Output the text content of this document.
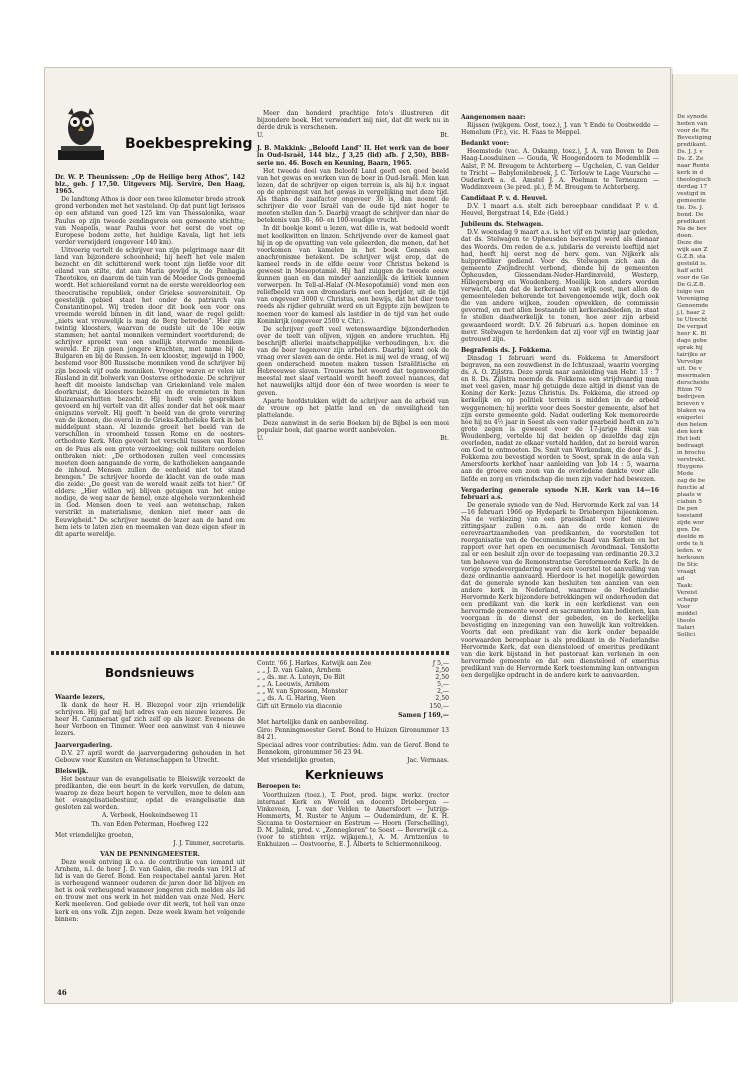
Boekbespreking

Dr. W. P. Theunissen: „Op de Heilige berg Athos", 142 blz., geb. ƒ 17,50. Uitgevers Mij. Servire, Den Haag, 1965.

De landtong Athos is door een twee kilometer brede strook grond verbonden met het vasteland. Op dat punt ligt Ierissos op een afstand van goed 125 km van Thessalonika, waar Paulus op zijn tweede zendingsreis een gemeente stichtte; van Neapolis, waar Paulus voor het eerst de voet op Europese bodem zette, het huidige Kavala, ligt het iets verder verwijderd (ongeveer 140 km).

Uitvoerig vertelt de schrijver van zijn pelgrimage naar dit land van bijzondere schoonheid; hij heeft het vele malen bezocht en dit schitterend werk toont zijn liefde voor dit eiland van stilte, dat aan Maria gewijd is, de Panhagia Theotokos, en daarom de tuin van de Moeder Gods genoemd wordt. Het schiereiland vormt na de eerste wereldoorlog een theocratische republiek, onder Griekse souvereiniteit. Op geestelijk gebied staat het onder de patriarch van Constantinopel. Wij treden door dit boek een voor ons vreemde wereld binnen in dit land, waar de regel geldt: „niets wat vrouwelijk is mag de Berg betreden". Hier zijn twintig kloosters, waarvan de oudste uit de 10e eeuw stammen; het aantal monniken vermindert voortdurend; de schrijver spreekt van een snellijk stervende monniken-wereld. Er zijn geen jongere krachten, met name bij de Bulgaren en bij de Russen. In een klooster, ingewijd in 1900, bestemd voor 800 Russische monniken vond de schrijver bij zijn bezoek vijf oude monniken. Vroeger waren er velen uit Rusland in dit bolwerk van Oosterse orthodoxie. De schrijver heeft dit mooiste landschap van Griekenland vele malen doorkruist, de kloosters bezocht en de eremieten in hun kluizenaarshutten bezocht. Hij heeft vele gesprekken gevoerd en hij vertelt van dit alles zonder dat het ook maar enigszins vervelt. Hij geeft 'n beeld van de grote verering van de ikonen, die overal in de Grieks-Katholieke Kerk in het middelpunt staan. Al lezende groeit het beeld van de verschillen in vroomheid tussen Rome en de oosters-orthodoxe Kerk. Men gevoelt het verschil tussen van Rome en de Paus als een grote verzoeking; ook militere oordelen ontbraken niet: „De orthodoxen zullen veel concessies moeten doen aangaande de vorm, de katholieken aangaande de inhoud. Mensen zullen de eenheid niet tot stand brengen." De schrijver hoorde de klacht van de oude man die zeide: „De geest van de wereld waait zelfs tot hier." Of elders: „Hier willen wij blijven getuigen van het enige nodige, de weg naar de hemel, onze algehele verzonkenheid in God. Mensen doen te veel aan wetenschap, raken verstrikt in materialisme, denken niet meer aan de Eeuwigheid." De schrijver neemt de lezer aan de hand om hem iets te laten zien en meemaken van deze eigen sfeer in dit aparte wereldje.

Meer dan honderd prachtige foto's illustreren dit bijzondere boek. Het verwondert mij niet, dat dit werk nu in derde druk is verschenen.

U.	Bt.

J. B. Makkink: „Beloofd Land" II. Het werk van de boer in Oud-Israël, 144 blz., ƒ 3,25 (lid) afb. ƒ 2,50), BBB-serie no. 46. Bosch en Keuning, Baarn, 1965.

Het tweede deel van Beloofd Land geeft een goed beeld van het gewas en werken van de boer in Oud-Israël. Men kan lezen, dat de schrijver op eigen terrein is, als hij b.v. ingaat op de opbrengst van het gewas in vergelijking met deze tijd. Als thans de zaaifactor ongeveer 30 is, dan noemt de schrijver die voor Israël van de oude tijd niet hoger te moeten stellen dan 5. Daarbij vraagt de schrijver dan naar de betekenis van 30-, 60- en 100-voudige vrucht.

In dit boekje komt u lezen, wat dille is, wat bedoeld wordt met koolkwitten en linzen. Schrijvende over de kameel gaat hij in op de opvatting van vele geleerden, die menen, dat het voorkomen van kamelen in het boek Genesis een anachronisme betekent. De schrijver wijst erop, dat de kameel reeds in de elfde eeuw voor Christus bekend is geweest in Mesopotamië. Hij had zuiggen de tweede eeuw kunnen gaan en dan minder aanzienlijk de kritiek kunnen verwerpen. In Tell-al-Halaf (N-Mesopotamië) vond men een reliefbeeld van een dromedaris met een berijder, uit de tijd van ongeveer 3000 v. Christus, een bewijs, dat het dier toen reeds als rijdier gebruikt werd en uit Egypte zijn bewijzen te noemen voor de kameel als lastdier in de tijd van het oude Koninkrijk (ongeveer 2500 v. Chr.).

De schrijver geeft veel wetenswaardige bijzonderheden over de teelt van olijven, vijgen en andere vruchten. Hij beschrijft allerlei maatschappelijke verhoudingen, b.v. die van de boer tegenover zijn arbeiders. Daarbij komt ook de vraag over slaven aan de orde. Het is mij wel de vraag, of wij geen onderscheid moeten maken tussen Israëlitische en Hebreeuwse slaven. Trouwens het woord dat tegenwoordig meestal met slaaf vertaald wordt heeft zoveel nuances, dat het nauwelijks altijd door één of twee woorden is weer te geven.

Aparte hoofdstukken wijdt de schrijver aan de arbeid van de vrouw op het platte land en de onveiligheid ten plattelande.

Deze aanwinst in de serie Boeken bij de Bijbel is een mooi populair boek, dat gaarne wordt aanbevolen.

U.	Bt.

Aangenomen naar:

Rijssen (wijkgem. Oost, toez.), J. van 't Ende te Oostwedde — Hemelum (Fr.), vic. H. Faas te Meppel.

Bedankt voor:

Heemstede (vac. A. Oskamp, toez.), J. A. van Boven te Den Haag-Loosduinen — Gouda, W. Hoogendoorn te Medemblik — Aalst, P. M. Breugem te Achterberg — Ugchelen, C. van Gelder te Tricht — Babyloniënbroek, J. C. Terlouw te Lage Vuursche — Ouderkerk a. d. Amstel J. A. Poelman te Terneuzen — Waddinxveen (3e pred. pl.), P. M. Breugem te Achterberg.

Candidaat P. v. d. Heuvel.

D.V. 1 maart a.s. stelt zich beroepbaar candidaat P. v. d. Heuvel, Bergstraat 14, Ede (Geld.)

Jubileum ds. Stelwagen.

D.V. woensdag 9 maart a.s. is het vijf en twintig jaar geleden, dat ds. Stelwagen te Opheusden bevestigd werd als dienaar des Woords. Om reden de a.s. jubilaris de vereiste leeftijd niet had, heeft hij eerst nog de herv. gem. van Nijkerk als hulpprediker gediend. Voor ds. Stelwagen zich aan de gemeente Zwijndrecht verbond, diende hij de gemeenten Opheusden, Giessendam-Neder-Hardinxveld, Westerp, Hillegersberg en Woudenberg. Moeilijk kon anders worden verwacht, dan dat de kerkeraad van wijk oost, met allen de gemeenteleden behorende tot bovengenoemde wijk, doch ook die van andere wijken, zouden opwekken, de commissie gevormd, en met allen bestaande uit kerkeraadsleden, in staat te stellen daadwerkelijk te tonen, hoe zeer zijn arbeid gewaardeerd wordt. D.V. 26 februari a.s. hopen dominee en mevr. Stelwagen te herdenken dat zij voor vijf en twintig jaar getrouwd zijn.

Begrafenis ds. J. Fokkema.

Dinsdag 1 februari werd ds. Fokkema te Amersfoort begraven, na een zouwdienst in de Ichtuszaal, waarin voorging ds. A. O. Zijlstra. Deze sprak naar aanleiding van Hebr. 13 : 7 en 8. Ds. Zijlstra noemde ds. Fokkema een strijdvaardig man met veel gaven, maar hij getuigde deze altijd in dienst van de Koning der Kerk: Jezus Christus. Ds. Fokkema, die streed op kerkelijk en op politiek terrein is midden in de arbeid weggenomen; hij werkte voor dees Soester gemeente, alsof het zijn eerste gemeente gold. Nadat ouderling Kok memoreerde hoe hij nu 4½ jaar in Soest als een vader gearbeid heeft en zo'n grote zegen is geweest voor de 17-jarige Henk van Woudenberg, vertelde hij dat beiden op dezelfde dag zijn overleden, nadat ze elkaar verteld hadden, dat ze bereid waren om God te ontmoeten. Ds. Smit van Werkendam, die door ds. J. Fokkema zou bevestigd worden te Soest, sprak in de aula van Amersfoorts kerkhof naar aanleiding van Job 14 : 5, waarna aan de groeve een zoon van de overledene dankte voor alle liefde en zorg en vriendschap die men zijn vader had bewezen.

Vergadering generale synode N.H. Kerk van 14—16 februari a.s.

De generale synode van de Ned. Hervormde Kerk zal van 14—16 februari 1966 op Hydepark te Driebergen bijeenkomen. Na de verkiezing van een praesidiaat voor het nieuwe zittingsjaar zullen o.m. aan de orde komen de eerevraartzaamheden van predikanten, de voorstellen tot reorganisatie van de Oecumenische Raad van Kerken en het rapport over het open en oecumenisch Avondmaal. Tenslotte zal er een besluit zijn over de toepassing van ordinantie 20.3.2 ten behoeve van de Remonstrantse Gereformeerde Kerk. In de vorige synodevergadering werd een voorstel tot aanvulling van deze ordinantie aanvaard. Hierdoor is het mogelijk geworden dat de generale synode kan besluiten ten aanzien van een andere kerk in Nederland, waarmee de Nederlandse Hervormde Kerk bijzondere betrekkingen wil onderhouden dat een predikant van die kerk in een kerkdienst van een hervormde gemeente woord en sacramenten kan bedienen, kan voorgaan in de dienst der gebeden, en de kerkelijke bevestiging en inzegening van een huwelijk kan voltrekken. Voorts dat een predikant van die kerk onder bepaalde voorwaarden beroepbaar is als predikant in de Nederlandse Hervormde Kerk, dat een diensteloed of emeritus predikant van die kerk bijstand in het pastoraat kan verlenen in een hervormde gemeente en dat een diensteloed of emeritus predikant van de Hervormde Kerk toestemming kan ontvangen een dergelijke opdracht in de andere kerk te aanvaarden.

Bondsnieuws

Waarde lezers,

Ik dank de heer H. H. Blezepol voor zijn vriendelijk schrijven. Hij gaf mij het adres van een nieuwe lezeres. De heer H. Cammeraat gaf zich zelf op als lezer. Eveneens de heer Verboon en Timmer. Weer een aanwinst van 4 nieuwe lezers.

Jaarvergadering.

D.V. 27 april wordt de jaarvergadering gehouden in het Gebouw voor Kunsten en Wetenschappen te Utrecht.

Bleiswijk.

Het bestuur van de evangelisatie te Bleiswijk verzoekt de predikanten, die een beurt in de kerk vervullen, de datum, waarop ze deze beurt hopen te vervullen, mee te delen aan het evangelisatiebestuur, opdat de evangelisatie dan gesloten zal worden.

A. Verbeek, Hoekeindseweg 11

Th. van Eden Peterman, Hoefweg 122

Met vriendelijke groeten,

J. J. Timmer, secretaris.

VAN DE PENNINGMEESTER.

Deze week ontving ik o.a. de contributie van iemand uit Arnhem, n.l. de heer J. D. van Galen, die reeds van 1913 af lid is van de Geref. Bond. Een respectabel aantal jaren. Het is verheugend wanneer ouderen de jaren door lid blijven en het is ook verheugend wanneer jongeren zich melden als lid en trouw met ons werk in het midden van onze Ned. Herv. Kerk meeleven. God gebiede over dit werk, tot heil van onze kerk en ons volk. Zijn zegen. Deze week kwam het volgende binnen:

Contr. '66 J. Harkes, Katwijk aan Zee	ƒ 5,—
„ „ J. D. van Galen, Arnhem	2,50
„ „ ds. mr. A. Luteyn, De Bilt	2,50
„ „ A. Leeuwis, Arnhem	5,—
„ „ W. van Sprossen, Monster	2,—
„ „ ds. A. G. Haring, Veen	2,50
Gift uit Ermelo via diaconie	150,—
Samen ƒ 169,—

Met hartelijke dank en aanbeveling.

Giro: Penningmeester Geref. Bond te Huizen Gironummer 13 84 21.

Speciaal adres voor contributies: Adm. van de Geref. Bond te Bennekom, gironummer 56 23 94.

Met vriendelijke groeten,	Jac. Vermaas.
Kerknieuws

Beroepen te:

Voorthuizen (toez.), T. Poot, pred. bigw. werkz. (rector internaat Kerk en Wereld en docent) Driebergen — Vinkeveen, J. van der Velden te Amersfoort — Jutrijp-Hommerts, M. Ruster te Anjum — Oudemirdum, dr. K. H. Siccama te Oosternieer en Eestrum — Hoorn (Terschelling), D. M. Jalink, pred. v. „Zonnegloren" te Soest — Beverwijk c.a. (voor te stichten vrijz. wijkgem.), A. M. Arntzenius te Enkhuizen — Oostvoorne, E. J. Alberts te Schiermonnikoog.

46
De synode
heden van
voor de Re
Bevestiging
predikant.
Ds. J. J. v
Ds. Z. Ze
naar Rente
kerk in d
theologisch
derdag 17
vestigd in
gemeente
tie. Ds. J.
bond. De
predikant
Na de bev
doen.
Deze die
wijk aan Z
G.Z.B. sta
gesteld is.
half acht
voor de Ge
De G.Z.B.
tuige van
Vereniging
Genoemde
j.l. haar 2
te Utrecht
De vergad
heer K. Bl
dags gebe
sprak hij
tairijke ar
Vervolge
uit. De v
meermalen
derscheide
Rüim 70
bedrijven
brieven v
blaken va
enigerlei
den belem
den kerk
Het ledi
bedraagt
in brochu
verstrekt.
Huygens
Mede
zag de be
functie al
plaats w
ciaban 5
De pen
toestand
zijde wor
gen. De
deelde m
orde te h
leden. w
herkozen
De Stic
vraagt
ad
Taak:
Vereist
schapp
Voor
middel
theolo
Salari
Sollici
